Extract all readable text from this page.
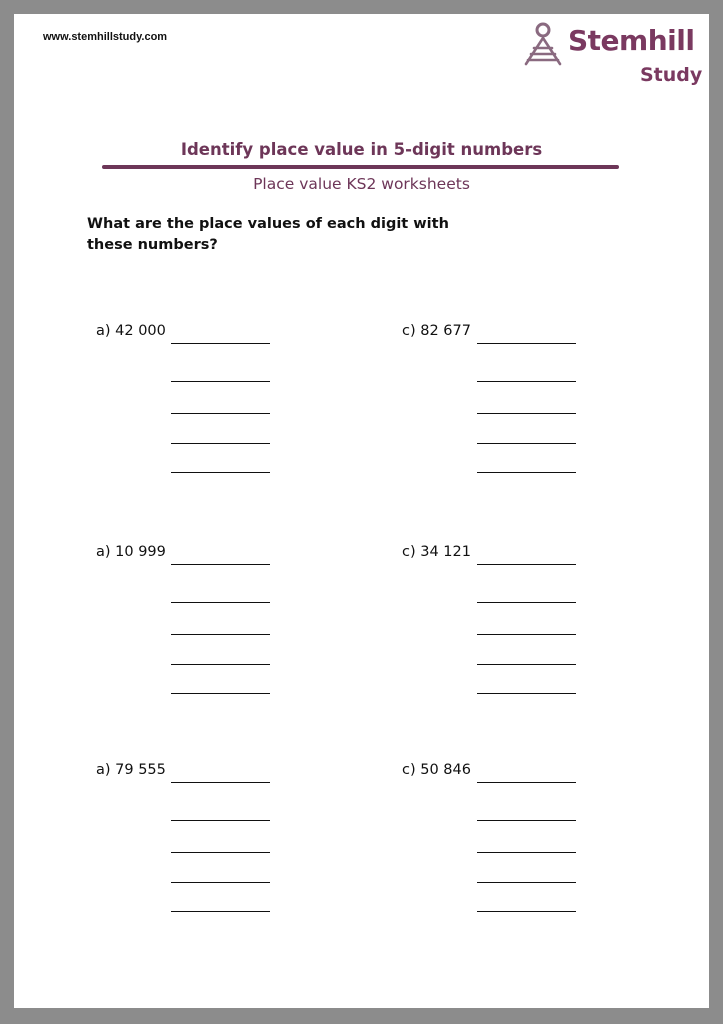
www.stemhillstudy.com	Stemhill
Study
Identify place value in 5-digit numbers
Place value KS2 worksheets
What are the place values of each digit with
these numbers?
a) 42 000	c) 82 677
a) 10 999	c) 34 121
a) 79 555	c) 50 846
